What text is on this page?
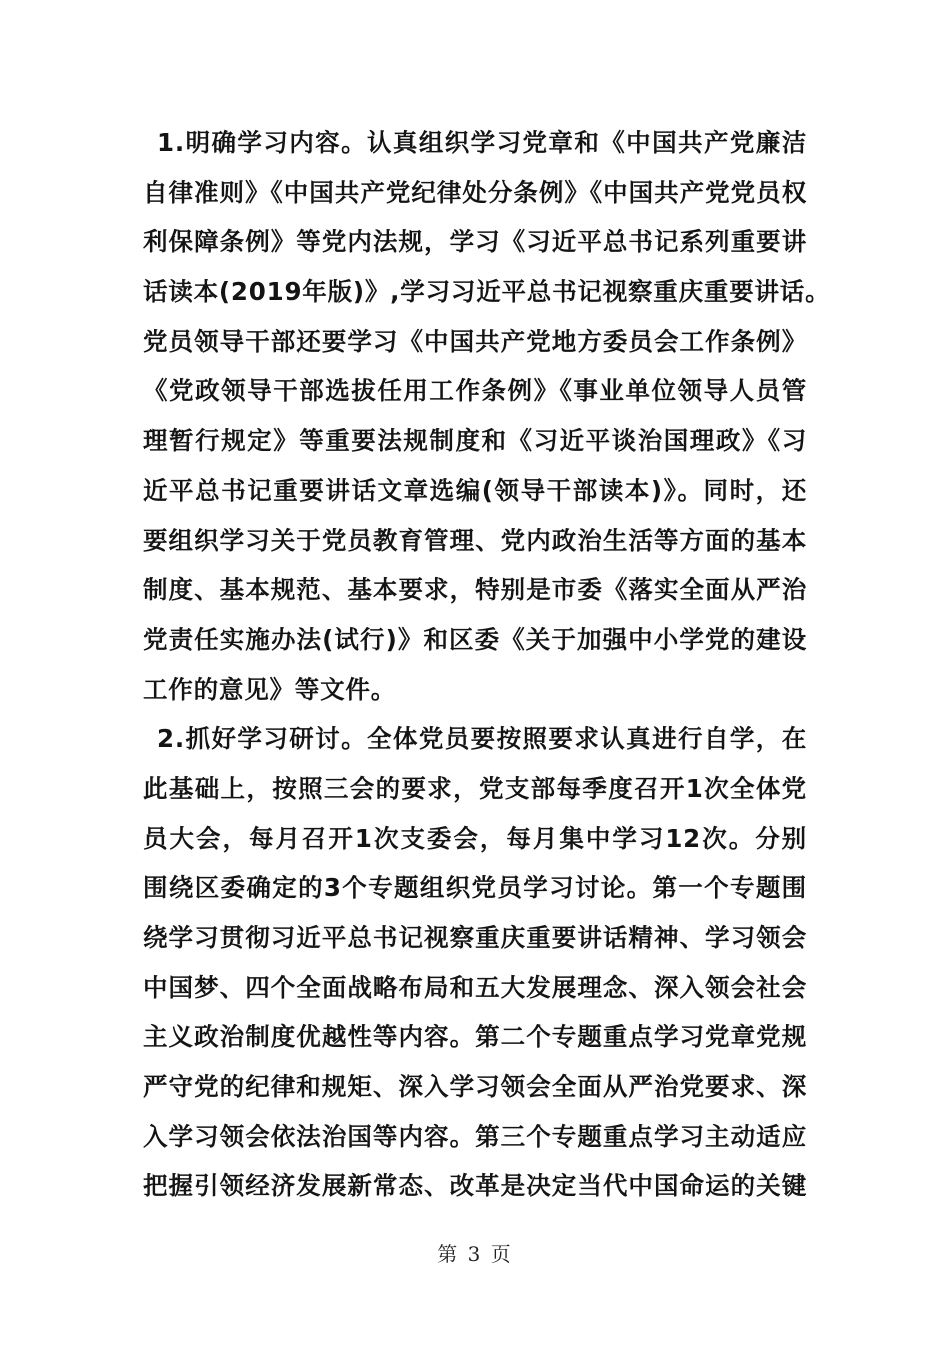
1.明确学习内容。认真组织学习党章和《中国共产党廉洁
自律准则》《中国共产党纪律处分条例》《中国共产党党员权
利保障条例》等党内法规，学习《习近平总书记系列重要讲
话读本(2019年版)》,学习习近平总书记视察重庆重要讲话。
党员领导干部还要学习《中国共产党地方委员会工作条例》
《党政领导干部选拔任用工作条例》《事业单位领导人员管
理暂行规定》等重要法规制度和《习近平谈治国理政》《习
近平总书记重要讲话文章选编(领导干部读本)》。同时，还
要组织学习关于党员教育管理、党内政治生活等方面的基本
制度、基本规范、基本要求，特别是市委《落实全面从严治
党责任实施办法(试行)》和区委《关于加强中小学党的建设
工作的意见》等文件。
2.抓好学习研讨。全体党员要按照要求认真进行自学，在
此基础上，按照三会的要求，党支部每季度召开1次全体党
员大会，每月召开1次支委会，每月集中学习12次。分别
围绕区委确定的3个专题组织党员学习讨论。第一个专题围
绕学习贯彻习近平总书记视察重庆重要讲话精神、学习领会
中国梦、四个全面战略布局和五大发展理念、深入领会社会
主义政治制度优越性等内容。第二个专题重点学习党章党规
严守党的纪律和规矩、深入学习领会全面从严治党要求、深
入学习领会依法治国等内容。第三个专题重点学习主动适应
把握引领经济发展新常态、改革是决定当代中国命运的关键
第 3 页
